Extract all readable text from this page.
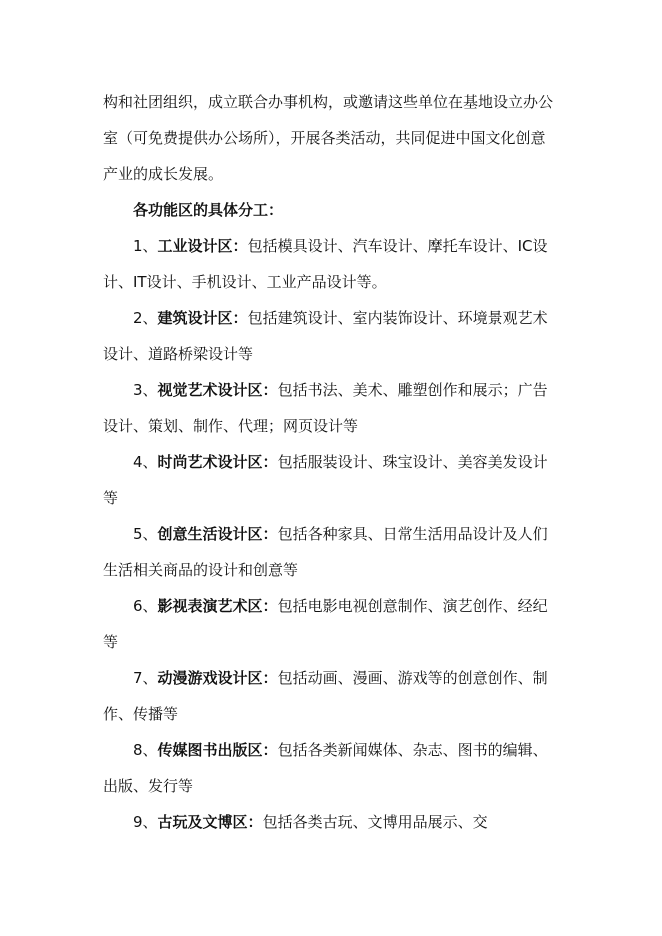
构和社团组织，成立联合办事机构，或邀请这些单位在基地设立办公室（可免费提供办公场所），开展各类活动，共同促进中国文化创意产业的成长发展。

各功能区的具体分工：

1、工业设计区：包括模具设计、汽车设计、摩托车设计、IC设计、IT设计、手机设计、工业产品设计等。

2、建筑设计区：包括建筑设计、室内装饰设计、环境景观艺术设计、道路桥梁设计等

3、视觉艺术设计区：包括书法、美术、雕塑创作和展示；广告设计、策划、制作、代理；网页设计等

4、时尚艺术设计区：包括服装设计、珠宝设计、美容美发设计等

5、创意生活设计区：包括各种家具、日常生活用品设计及人们生活相关商品的设计和创意等

6、影视表演艺术区：包括电影电视创意制作、演艺创作、经纪等

7、动漫游戏设计区：包括动画、漫画、游戏等的创意创作、制作、传播等

8、传媒图书出版区：包括各类新闻媒体、杂志、图书的编辑、出版、发行等

9、古玩及文博区：包括各类古玩、文博用品展示、交
